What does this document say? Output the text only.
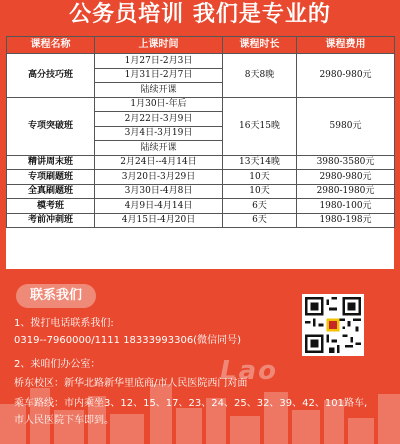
公务员培训 我们是专业的
课程名称	上课时间	课程时长	课程费用
高分技巧班	1月27日-2月3日	8天8晚	2980-980元
	1月31日-2月7日		
	陆续开课		
专项突破班	1月30日-年后	16天15晚	5980元
	2月22日-3月9日		
	3月4日-3月19日		
	陆续开课		
精讲周末班	2月24日--4月14日	13天14晚	3980-3580元
专项刷题班	3月20日-3月29日	10天	2980-980元
全真刷题班	3月30日-4月8日	10天	2980-1980元
模考班	4月9日-4月14日	6天	1980-100元
考前冲刺班	4月15日-4月20日	6天	1980-198元
联系我们
1、拨打电话联系我们:
0319--7960000/1111 18333993306(微信同号)
2、来咱们办公室：
桥东校区：新华北路新华里底商/市人民医院西门对面
乘车路线：市内乘坐3、12、15、17、23、24、25、32、39、42、101路车,
市人民医院下车即到。
Lao
